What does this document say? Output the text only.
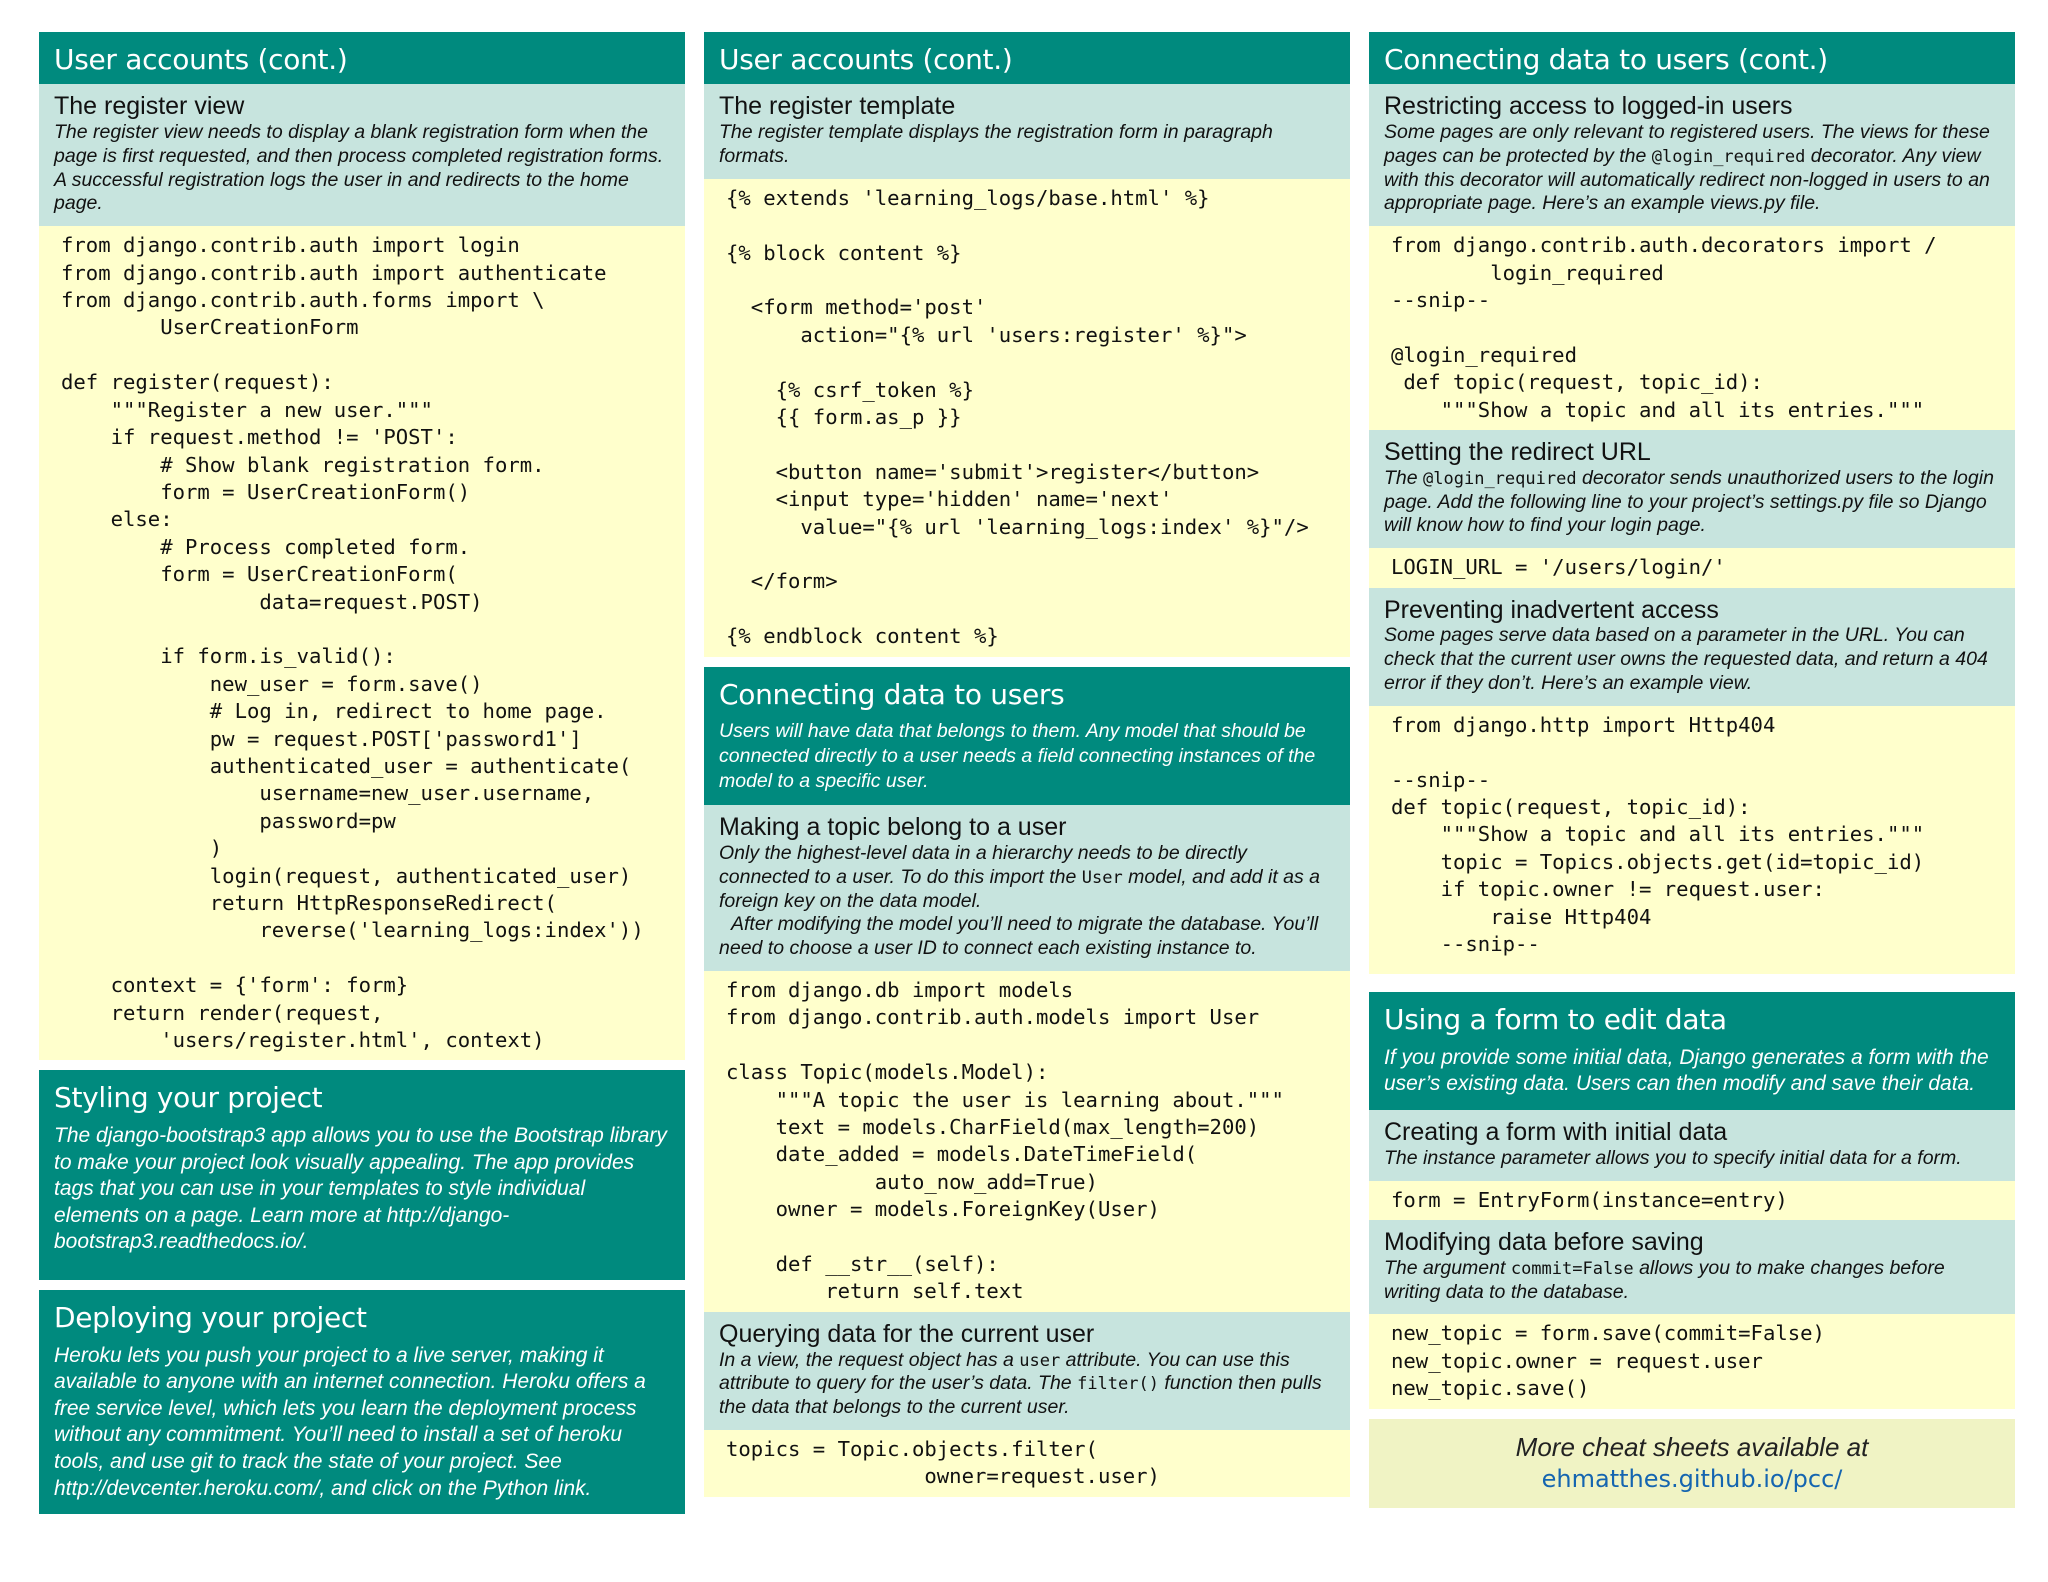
User accounts (cont.)
The register view
The register view needs to display a blank registration form when the page is first requested, and then process completed registration forms. A successful registration logs the user in and redirects to the home page.
from django.contrib.auth import login
from django.contrib.auth import authenticate
from django.contrib.auth.forms import \
UserCreationForm

def register(request):
"""Register a new user."""
if request.method != 'POST':
# Show blank registration form.
form = UserCreationForm()
else:
# Process completed form.
form = UserCreationForm(
data=request.POST)

if form.is_valid():
new_user = form.save()
# Log in, redirect to home page.
pw = request.POST['password1']
authenticated_user = authenticate(
username=new_user.username,
password=pw
)
login(request, authenticated_user)
return HttpResponseRedirect(
reverse('learning_logs:index'))

context = {'form': form}
return render(request,
'users/register.html', context)
Styling your project
The django-bootstrap3 app allows you to use the Bootstrap library to make your project look visually appealing. The app provides tags that you can use in your templates to style individual elements on a page. Learn more at http://django-bootstrap3.readthedocs.io/.
Deploying your project
Heroku lets you push your project to a live server, making it available to anyone with an internet connection. Heroku offers a free service level, which lets you learn the deployment process without any commitment. You’ll need to install a set of heroku tools, and use git to track the state of your project. See http://devcenter.heroku.com/, and click on the Python link.
User accounts (cont.)
The register template
The register template displays the registration form in paragraph formats.
{% extends 'learning_logs/base.html' %}

{% block content %}

<form method='post'
action="{% url 'users:register' %}">

{% csrf_token %}
{{ form.as_p }}

<button name='submit'>register</button>
<input type='hidden' name='next'
value="{% url 'learning_logs:index' %}"/>

</form>

{% endblock content %}
Connecting data to users
Users will have data that belongs to them. Any model that should be connected directly to a user needs a field connecting instances of the model to a specific user.
Making a topic belong to a user
Only the highest-level data in a hierarchy needs to be directly connected to a user. To do this import the User model, and add it as a foreign key on the data model.
After modifying the model you’ll need to migrate the database. You’ll need to choose a user ID to connect each existing instance to.
from django.db import models
from django.contrib.auth.models import User

class Topic(models.Model):
"""A topic the user is learning about."""
text = models.CharField(max_length=200)
date_added = models.DateTimeField(
auto_now_add=True)
owner = models.ForeignKey(User)

def __str__(self):
return self.text
Querying data for the current user
In a view, the request object has a user attribute. You can use this attribute to query for the user’s data. The filter() function then pulls the data that belongs to the current user.
topics = Topic.objects.filter(
owner=request.user)
Connecting data to users (cont.)
Restricting access to logged-in users
Some pages are only relevant to registered users. The views for these pages can be protected by the @login_required decorator. Any view with this decorator will automatically redirect non-logged in users to an appropriate page. Here’s an example views.py file.
from django.contrib.auth.decorators import /
login_required
--snip--

@login_required
def topic(request, topic_id):
"""Show a topic and all its entries."""
Setting the redirect URL
The @login_required decorator sends unauthorized users to the login page. Add the following line to your project’s settings.py file so Django will know how to find your login page.
LOGIN_URL = '/users/login/'
Preventing inadvertent access
Some pages serve data based on a parameter in the URL. You can check that the current user owns the requested data, and return a 404 error if they don’t. Here’s an example view.
from django.http import Http404

--snip--
def topic(request, topic_id):
"""Show a topic and all its entries."""
topic = Topics.objects.get(id=topic_id)
if topic.owner != request.user:
raise Http404
--snip--
Using a form to edit data
If you provide some initial data, Django generates a form with the user’s existing data. Users can then modify and save their data.
Creating a form with initial data
The instance parameter allows you to specify initial data for a form.
form = EntryForm(instance=entry)
Modifying data before saving
The argument commit=False allows you to make changes before writing data to the database.
new_topic = form.save(commit=False)
new_topic.owner = request.user
new_topic.save()
More cheat sheets available at
ehmatthes.github.io/pcc/
